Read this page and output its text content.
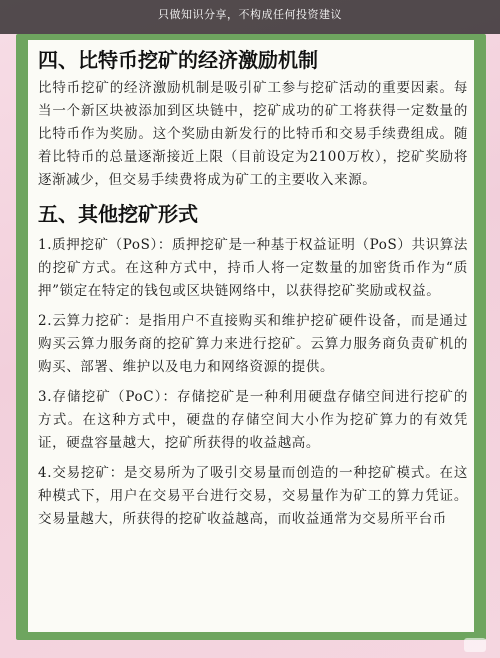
只做知识分享，不构成任何投资建议
四、比特币挖矿的经济激励机制

比特币挖矿的经济激励机制是吸引矿工参与挖矿活动的重要因素。每当一个新区块被添加到区块链中，挖矿成功的矿工将获得一定数量的比特币作为奖励。这个奖励由新发行的比特币和交易手续费组成。随着比特币的总量逐渐接近上限（目前设定为2100万枚），挖矿奖励将逐渐减少，但交易手续费将成为矿工的主要收入来源。

五、其他挖矿形式

1.质押挖矿（PoS）：质押挖矿是一种基于权益证明（PoS）共识算法的挖矿方式。在这种方式中，持币人将一定数量的加密货币作为“质押”锁定在特定的钱包或区块链网络中，以获得挖矿奖励或权益。

2.云算力挖矿：是指用户不直接购买和维护挖矿硬件设备，而是通过购买云算力服务商的挖矿算力来进行挖矿。云算力服务商负责矿机的购买、部署、维护以及电力和网络资源的提供。

3.存储挖矿（PoC）：存储挖矿是一种利用硬盘存储空间进行挖矿的方式。在这种方式中，硬盘的存储空间大小作为挖矿算力的有效凭证，硬盘容量越大，挖矿所获得的收益越高。

4.交易挖矿：是交易所为了吸引交易量而创造的一种挖矿模式。在这种模式下，用户在交易平台进行交易，交易量作为矿工的算力凭证。交易量越大，所获得的挖矿收益越高，而收益通常为交易所平台币
